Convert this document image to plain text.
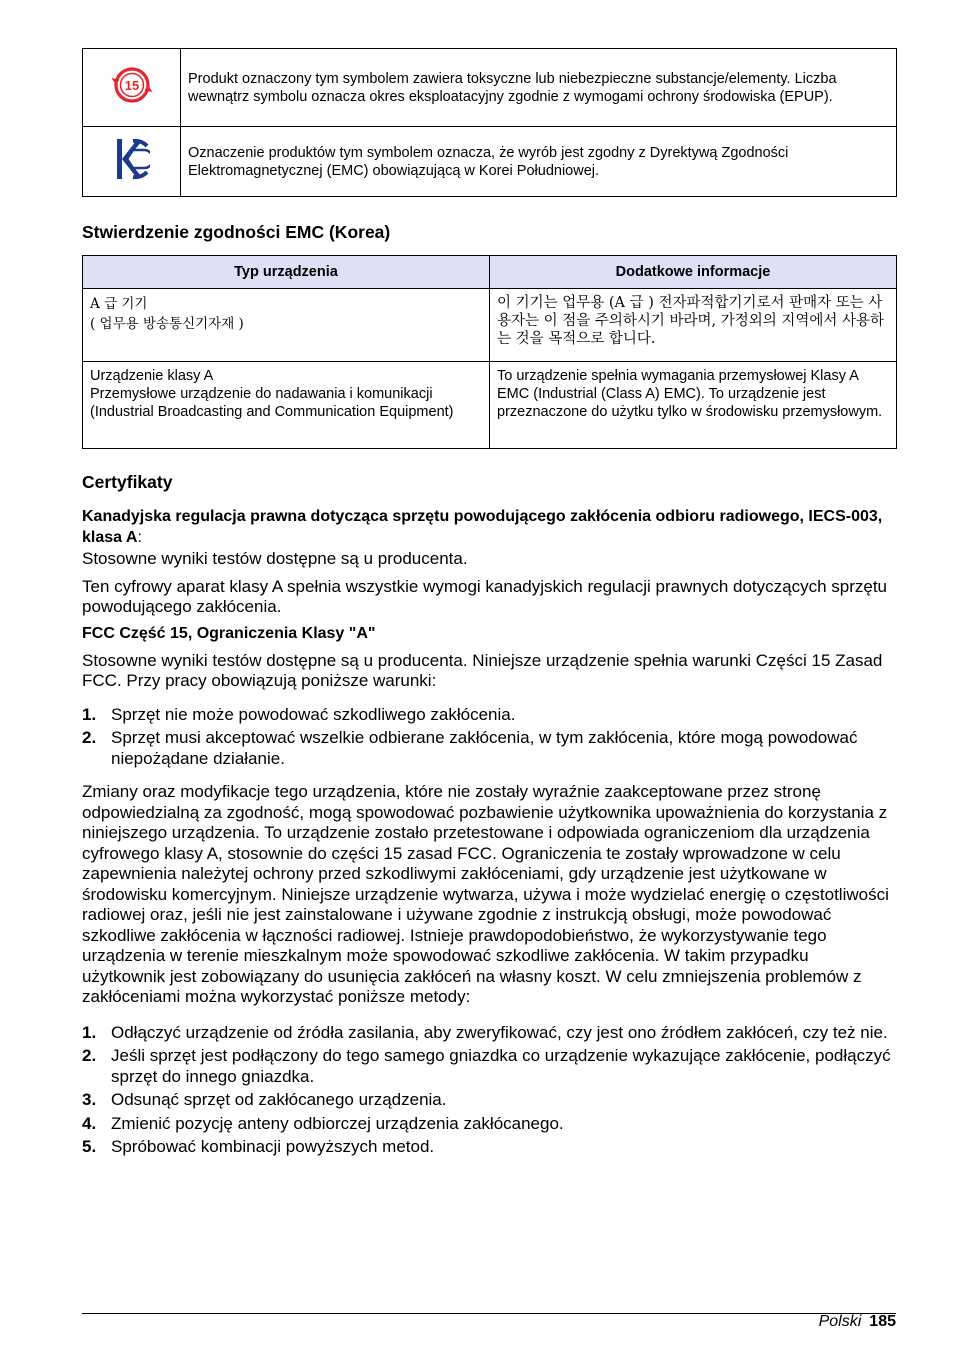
15	Produkt oznaczony tym symbolem zawiera toksyczne lub niebezpieczne substancje/elementy. Liczba wewnątrz symbolu oznacza okres eksploatacyjny zgodnie z wymogami ochrony środowiska (EPUP).
	Oznaczenie produktów tym symbolem oznacza, że wyrób jest zgodny z Dyrektywą Zgodności Elektromagnetycznej (EMC) obowiązującą w Korei Południowej.
Stwierdzenie zgodności EMC (Korea)
Typ urządzenia	Dodatkowe informacje

A 급 기기
( 업무용 방송통신기자재 )	이 기기는 업무용 (A 급 ) 전자파적합기기로서 판매자 또는 사용자는 이 점을 주의하시기 바라며, 가정외의 지역에서 사용하는 것을 목적으로 합니다.

Urządzenie klasy A
Przemysłowe urządzenie do nadawania i komunikacji (Industrial Broadcasting and Communication Equipment)	To urządzenie spełnia wymagania przemysłowej Klasy A EMC (Industrial (Class A) EMC). To urządzenie jest przeznaczone do użytku tylko w środowisku przemysłowym.
Certyfikaty
Kanadyjska regulacja prawna dotycząca sprzętu powodującego zakłócenia odbioru radiowego, IECS-003, klasa A:

Stosowne wyniki testów dostępne są u producenta.

Ten cyfrowy aparat klasy A spełnia wszystkie wymogi kanadyjskich regulacji prawnych dotyczących sprzętu powodującego zakłócenia.

FCC Część 15, Ograniczenia Klasy "A"

Stosowne wyniki testów dostępne są u producenta. Niniejsze urządzenie spełnia warunki Części 15 Zasad FCC. Przy pracy obowiązują poniższe warunki:

1. Sprzęt nie może powodować szkodliwego zakłócenia.
2. Sprzęt musi akceptować wszelkie odbierane zakłócenia, w tym zakłócenia, które mogą powodować niepożądane działanie.

Zmiany oraz modyfikacje tego urządzenia, które nie zostały wyraźnie zaakceptowane przez stronę odpowiedzialną za zgodność, mogą spowodować pozbawienie użytkownika upoważnienia do korzystania z niniejszego urządzenia. To urządzenie zostało przetestowane i odpowiada ograniczeniom dla urządzenia cyfrowego klasy A, stosownie do części 15 zasad FCC. Ograniczenia te zostały wprowadzone w celu zapewnienia należytej ochrony przed szkodliwymi zakłóceniami, gdy urządzenie jest użytkowane w środowisku komercyjnym. Niniejsze urządzenie wytwarza, używa i może wydzielać energię o częstotliwości radiowej oraz, jeśli nie jest zainstalowane i używane zgodnie z instrukcją obsługi, może powodować szkodliwe zakłócenia w łączności radiowej. Istnieje prawdopodobieństwo, że wykorzystywanie tego urządzenia w terenie mieszkalnym może spowodować szkodliwe zakłócenia. W takim przypadku użytkownik jest zobowiązany do usunięcia zakłóceń na własny koszt. W celu zmniejszenia problemów z zakłóceniami można wykorzystać poniższe metody:

1. Odłączyć urządzenie od źródła zasilania, aby zweryfikować, czy jest ono źródłem zakłóceń, czy też nie.
2. Jeśli sprzęt jest podłączony do tego samego gniazdka co urządzenie wykazujące zakłócenie, podłączyć sprzęt do innego gniazdka.
3. Odsunąć sprzęt od zakłócanego urządzenia.
4. Zmienić pozycję anteny odbiorczej urządzenia zakłócanego.
5. Spróbować kombinacji powyższych metod.
Polski 185
